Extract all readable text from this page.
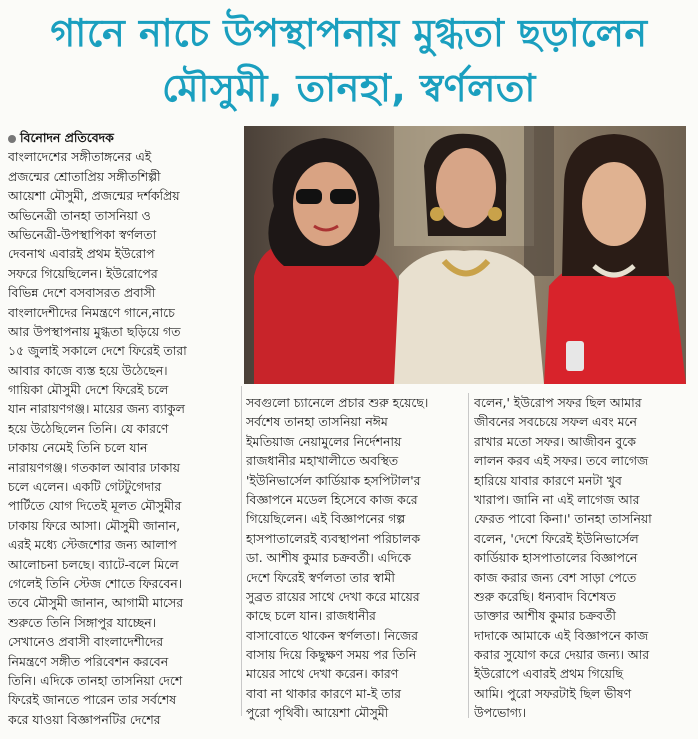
গানে নাচে উপস্থাপনায় মুগ্ধতা ছড়ালেন
মৌসুমী, তানহা, স্বর্ণলতা
বিনোদন প্রতিবেদক
বাংলাদেশের সঙ্গীতাঙ্গনের এই
প্রজন্মের শ্রোতাপ্রিয় সঙ্গীতশিল্পী
আয়েশা মৌসুমী, প্রজন্মের দর্শকপ্রিয়
অভিনেত্রী তানহা তাসনিয়া ও
অভিনেত্রী-উপস্থাপিকা স্বর্ণলতা
দেবনাথ এবারই প্রথম ইউরোপ
সফরে গিয়েছিলেন। ইউরোপের
বিভিন্ন দেশে বসবাসরত প্রবাসী
বাংলাদেশীদের নিমন্ত্রণে গানে,নাচে
আর উপস্থাপনায় মুগ্ধতা ছড়িয়ে গত
১৫ জুলাই সকালে দেশে ফিরেই তারা
আবার কাজে ব্যস্ত হয়ে উঠেছেন।
গায়িকা মৌসুমী দেশে ফিরেই চলে
যান নারায়ণগঞ্জ। মায়ের জন্য ব্যাকুল
হয়ে উঠেছিলেন তিনি। যে কারণে
ঢাকায় নেমেই তিনি চলে যান
নারায়ণগঞ্জ। গতকাল আবার ঢাকায়
চলে এলেন। একটি গেটটুগেদার
পার্টিতে যোগ দিতেই মূলত মৌসুমীর
ঢাকায় ফিরে আসা। মৌসুমী জানান,
এরই মধ্যে স্টেজশোর জন্য আলাপ
আলোচনা চলছে। ব্যাটে-বলে মিলে
গেলেই তিনি স্টেজ শোতে ফিরবেন।
তবে মৌসুমী জানান, আগামী মাসের
শুরুতে তিনি সিঙ্গাপুর যাচ্ছেন।
সেখানেও প্রবাসী বাংলাদেশীদের
নিমন্ত্রণে সঙ্গীত পরিবেশন করবেন
তিনি। এদিকে তানহা তাসনিয়া দেশে
ফিরেই জানতে পারেন তার সর্বশেষ
করে যাওয়া বিজ্ঞাপনটির দেশের
সবগুলো চ্যানেলে প্রচার শুরু হয়েছে।
সর্বশেষ তানহা তাসনিয়া নঈম
ইমতিয়াজ নেয়ামুলের নির্দেশনায়
রাজধানীর মহাখালীতে অবস্থিত
'ইউনিভার্সেল কার্ডিয়াক হসপিটাল'র
বিজ্ঞাপনে মডেল হিসেবে কাজ করে
গিয়েছিলেন। এই বিজ্ঞাপনের গল্প
হাসপাতালেরই ব্যবস্থাপনা পরিচালক
ডা. আশীষ কুমার চক্রবর্তী। এদিকে
দেশে ফিরেই স্বর্ণলতা তার স্বামী
সুব্রত রায়ের সাথে দেখা করে মায়ের
কাছে চলে যান। রাজধানীর
বাসাবোতে থাকেন স্বর্ণলতা। নিজের
বাসায় দিয়ে কিছুক্ষণ সময় পর তিনি
মায়ের সাথে দেখা করেন। কারণ
বাবা না থাকার কারণে মা-ই তার
পুরো পৃথিবী। আয়েশা মৌসুমী
বলেন,' ইউরোপ সফর ছিল আমার
জীবনের সবচেয়ে সফল এবং মনে
রাখার মতো সফর। আজীবন বুকে
লালন করব এই সফর। তবে লাগেজ
হারিয়ে যাবার কারণে মনটা খুব
খারাপ। জানি না এই লাগেজ আর
ফেরত পাবো কিনা।' তানহা তাসনিয়া
বলেন, 'দেশে ফিরেই ইউনিভার্সেল
কার্ডিয়াক হাসপাতালের বিজ্ঞাপনে
কাজ করার জন্য বেশ সাড়া পেতে
শুরু করেছি। ধন্যবাদ বিশেষত
ডাক্তার আশীষ কুমার চক্রবর্তী
দাদাকে আমাকে এই বিজ্ঞাপনে কাজ
করার সুযোগ করে দেয়ার জন্য। আর
ইউরোপে এবারই প্রথম গিয়েছি
আমি। পুরো সফরটাই ছিল ভীষণ
উপভোগ্য।
